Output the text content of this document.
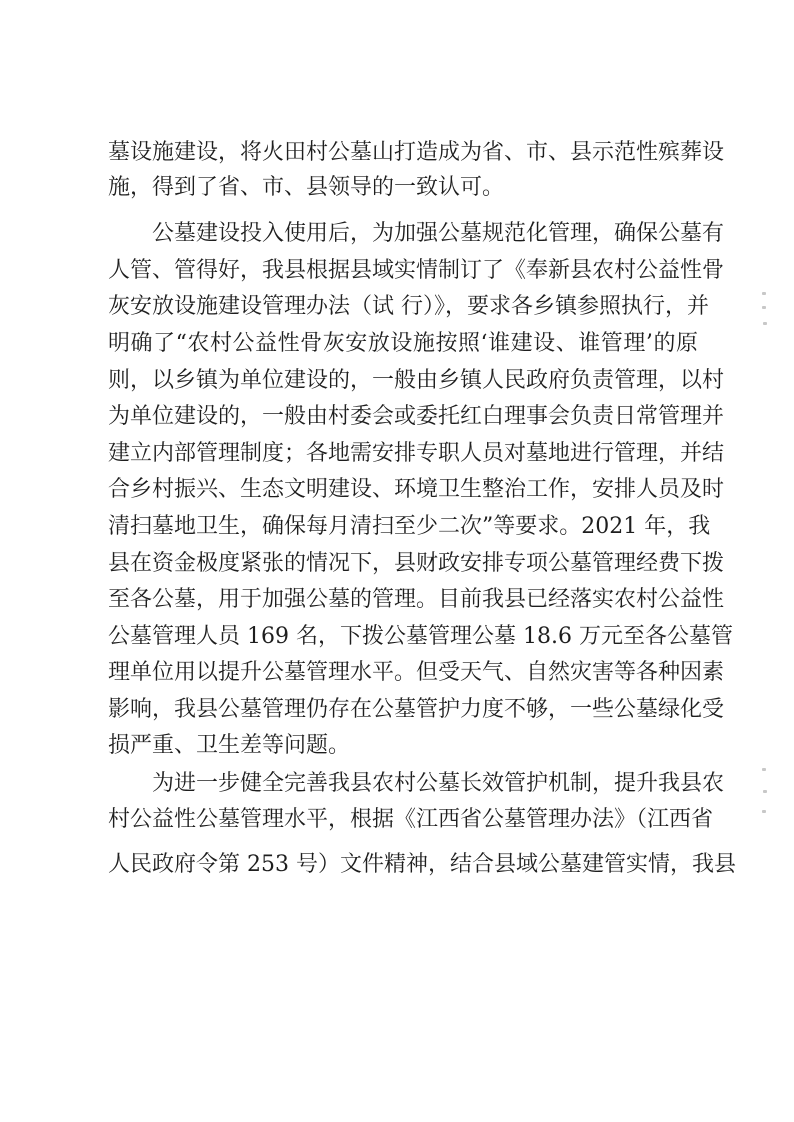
墓设施建设，将火田村公墓山打造成为省、市、县示范性殡葬设
施，得到了省、市、县领导的一致认可。
公墓建设投入使用后，为加强公墓规范化管理，确保公墓有
人管、管得好，我县根据县域实情制订了《奉新县农村公益性骨
灰安放设施建设管理办法（试 行）》，要求各乡镇参照执行，并
明确了“农村公益性骨灰安放设施按照‘谁建设、谁管理’的原
则，以乡镇为单位建设的，一般由乡镇人民政府负责管理，以村
为单位建设的，一般由村委会或委托红白理事会负责日常管理并
建立内部管理制度；各地需安排专职人员对墓地进行管理，并结
合乡村振兴、生态文明建设、环境卫生整治工作，安排人员及时
清扫墓地卫生，确保每月清扫至少二次”等要求。2021 年，我
县在资金极度紧张的情况下，县财政安排专项公墓管理经费下拨
至各公墓，用于加强公墓的管理。目前我县已经落实农村公益性
公墓管理人员 169 名，下拨公墓管理公墓 18.6 万元至各公墓管
理单位用以提升公墓管理水平。但受天气、自然灾害等各种因素
影响，我县公墓管理仍存在公墓管护力度不够，一些公墓绿化受
损严重、卫生差等问题。
为进一步健全完善我县农村公墓长效管护机制，提升我县农
村公益性公墓管理水平，根据《江西省公墓管理办法》（江西省
人民政府令第 253 号）文件精神，结合县域公墓建管实情，我县
